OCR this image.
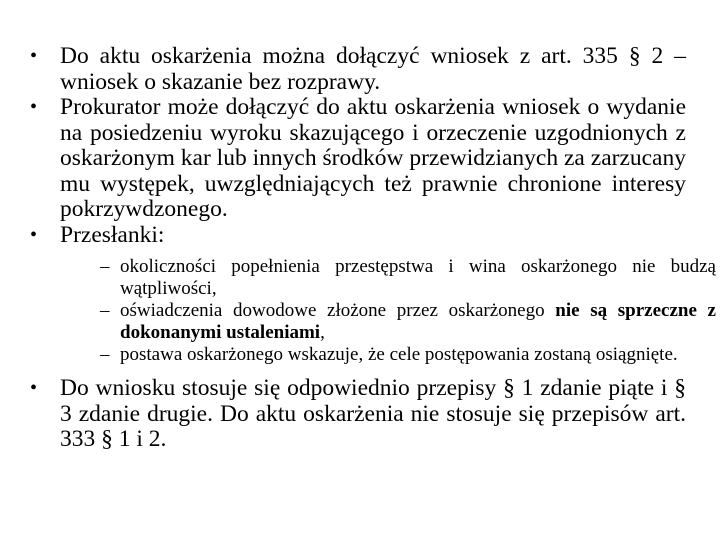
• Do aktu oskarżenia można dołączyć wniosek z art. 335 § 2 – wniosek o skazanie bez rozprawy.
• Prokurator może dołączyć do aktu oskarżenia wniosek o wydanie na posiedzeniu wyroku skazującego i orzeczenie uzgodnionych z oskarżonym kar lub innych środków przewidzianych za zarzucany mu występek, uwzględniających też prawnie chronione interesy pokrzywdzonego.
• Przesłanki:
– okoliczności popełnienia przestępstwa i wina oskarżonego nie budzą wątpliwości,
– oświadczenia dowodowe złożone przez oskarżonego nie są sprzeczne z dokonanymi ustaleniami,
– postawa oskarżonego wskazuje, że cele postępowania zostaną osiągnięte.
• Do wniosku stosuje się odpowiednio przepisy § 1 zdanie piąte i § 3 zdanie drugie. Do aktu oskarżenia nie stosuje się przepisów art. 333 § 1 i 2.
